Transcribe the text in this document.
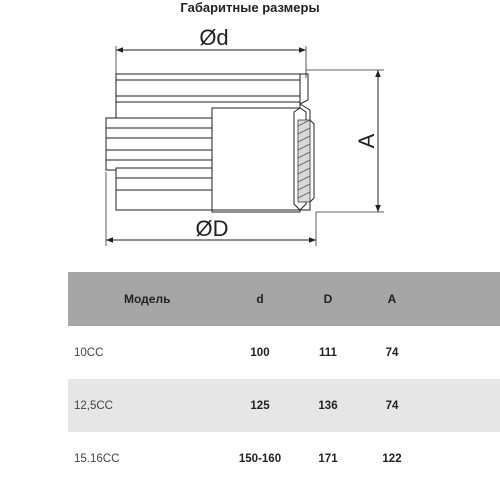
Габаритные размеры
Ød
A
ØD
Модель	d	D	A
10CC	100	111	74
12,5CC	125	136	74
15.16CC	150-160	171	122
